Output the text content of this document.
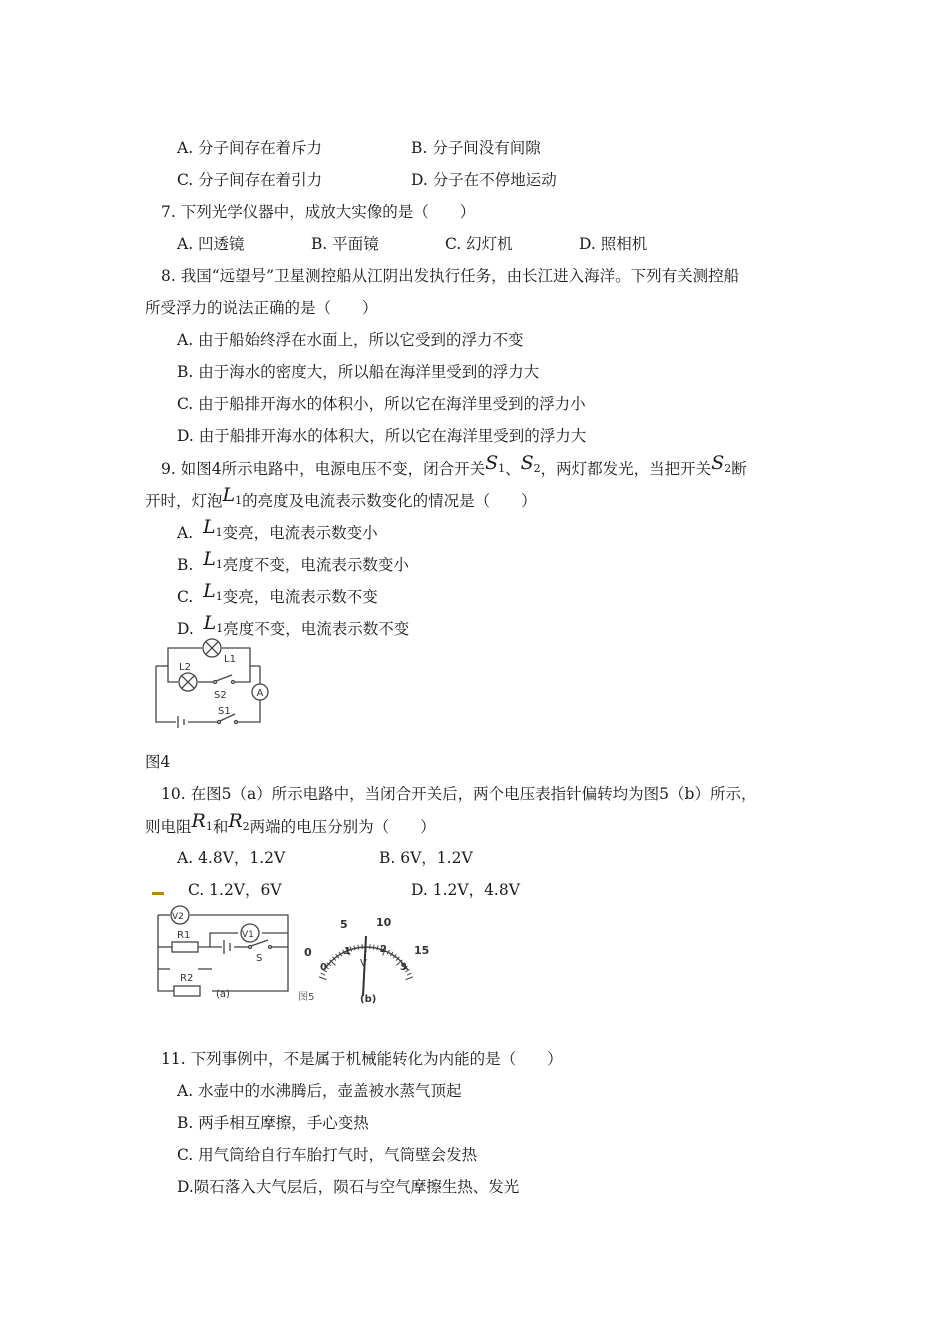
A. 分子间存在着斥力	B. 分子间没有间隙
C. 分子间存在着引力	D. 分子在不停地运动
7. 下列光学仪器中，成放大实像的是（　　）
A. 凹透镜	B. 平面镜	C. 幻灯机	D. 照相机
8. 我国“远望号”卫星测控船从江阴出发执行任务，由长江进入海洋。下列有关测控船
所受浮力的说法正确的是（　　）
A. 由于船始终浮在水面上，所以它受到的浮力不变
B. 由于海水的密度大，所以船在海洋里受到的浮力大
C. 由于船排开海水的体积小，所以它在海洋里受到的浮力小
D. 由于船排开海水的体积大，所以它在海洋里受到的浮力大
9. 如图4所示电路中，电源电压不变，闭合开关S1、S2，两灯都发光，当把开关S2断
开时，灯泡L1的亮度及电流表示数变化的情况是（　　）
A. L1变亮，电流表示数变小
B. L1亮度不变，电流表示数变小
C. L1变亮，电流表示数不变
D. L1亮度不变，电流表示数不变
A
L1
L2
S2
S1
图4
10. 在图5（a）所示电路中，当闭合开关后，两个电压表指针偏转均为图5（b）所示，
则电阻R1和R2两端的电压分别为（　　）
A. 4.8V，1.2V	B. 6V，1.2V
C. 1.2V，6V	D. 1.2V，4.8V
V2
V1
R1
S
R2
(a)
5	10
0	15
0
1	2
3
V
图5	(b)
11. 下列事例中，不是属于机械能转化为内能的是（　　）
A. 水壶中的水沸腾后，壶盖被水蒸气顶起
B. 两手相互摩擦，手心变热
C. 用气筒给自行车胎打气时，气筒壁会发热
D.陨石落入大气层后，陨石与空气摩擦生热、发光
